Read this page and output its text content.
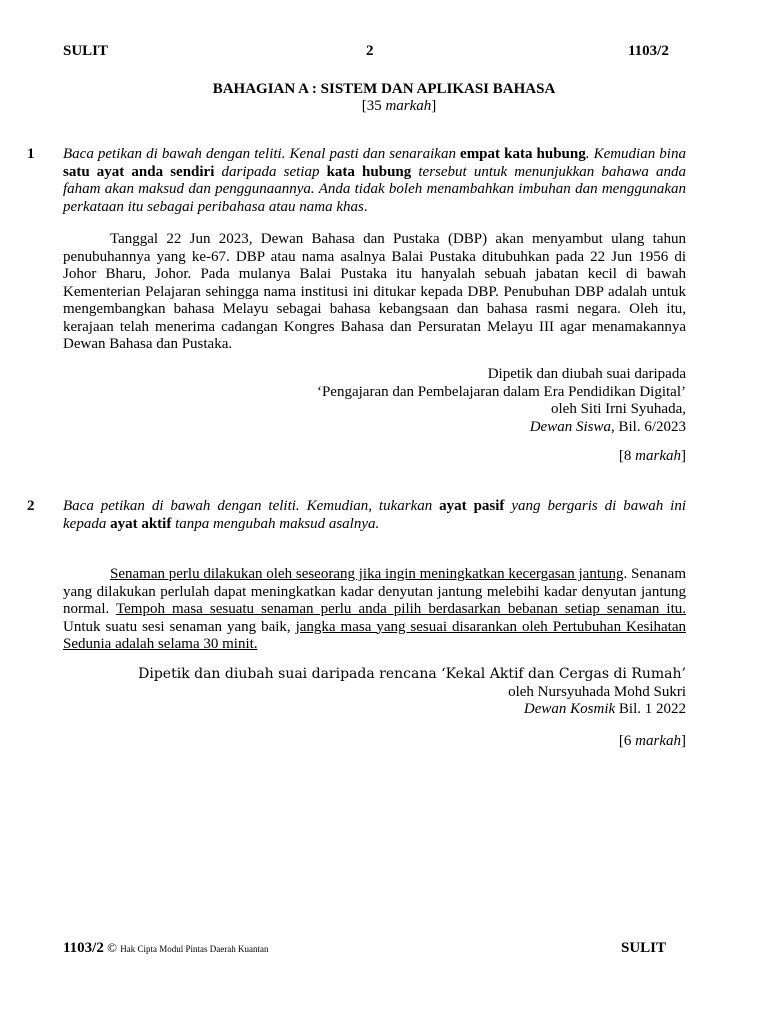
SULIT	2	1103/2
BAHAGIAN A : SISTEM DAN APLIKASI BAHASA
[35 markah]
1 Baca petikan di bawah dengan teliti. Kenal pasti dan senaraikan empat kata hubung. Kemudian bina satu ayat anda sendiri daripada setiap kata hubung tersebut untuk menunjukkan bahawa anda faham akan maksud dan penggunaannya. Anda tidak boleh menambahkan imbuhan dan menggunakan perkataan itu sebagai peribahasa atau nama khas.
Tanggal 22 Jun 2023, Dewan Bahasa dan Pustaka (DBP) akan menyambut ulang tahun penubuhannya yang ke-67. DBP atau nama asalnya Balai Pustaka ditubuhkan pada 22 Jun 1956 di Johor Bharu, Johor. Pada mulanya Balai Pustaka itu hanyalah sebuah jabatan kecil di bawah Kementerian Pelajaran sehingga nama institusi ini ditukar kepada DBP. Penubuhan DBP adalah untuk mengembangkan bahasa Melayu sebagai bahasa kebangsaan dan bahasa rasmi negara. Oleh itu, kerajaan telah menerima cadangan Kongres Bahasa dan Persuratan Melayu III agar menamakannya Dewan Bahasa dan Pustaka.
Dipetik dan diubah suai daripada
‘Pengajaran dan Pembelajaran dalam Era Pendidikan Digital’
oleh Siti Irni Syuhada,
Dewan Siswa, Bil. 6/2023
[8 markah]
2 Baca petikan di bawah dengan teliti. Kemudian, tukarkan ayat pasif yang bergaris di bawah ini kepada ayat aktif tanpa mengubah maksud asalnya.
Senaman perlu dilakukan oleh seseorang jika ingin meningkatkan kecergasan jantung. Senanam yang dilakukan perlulah dapat meningkatkan kadar denyutan jantung melebihi kadar denyutan jantung normal. Tempoh masa sesuatu senaman perlu anda pilih berdasarkan bebanan setiap senaman itu. Untuk suatu sesi senaman yang baik, jangka masa yang sesuai disarankan oleh Pertubuhan Kesihatan Sedunia adalah selama 30 minit.
Dipetik dan diubah suai daripada rencana ‘Kekal Aktif dan Cergas di Rumah’
oleh Nursyuhada Mohd Sukri
Dewan Kosmik Bil. 1 2022
[6 markah]
1103/2 © Hak Cipta Modul Pintas Daerah Kuantan	SULIT
